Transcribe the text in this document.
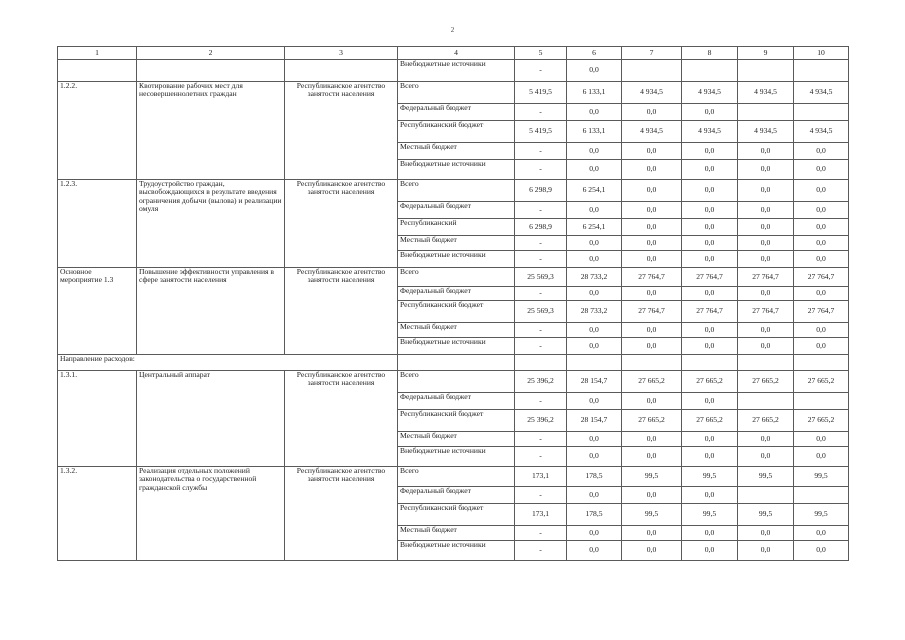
2
1	2	3	4	5	6	7	8	9	10
			Внебюджетные источники	-	0,0				
1.2.2.	Квотирование рабочих мест для несовершеннолетних граждан	Республиканское агентство занятости населения	Всего	5 419,5	6 133,1	4 934,5	4 934,5	4 934,5	4 934,5
			Федеральный бюджет	-	0,0	0,0	0,0		
			Республиканский бюджет	5 419,5	6 133,1	4 934,5	4 934,5	4 934,5	4 934,5
			Местный бюджет	-	0,0	0,0	0,0	0,0	0,0
			Внебюджетные источники	-	0,0	0,0	0,0	0,0	0,0
1.2.3.	Трудоустройство граждан, высвобождающихся в результате введения ограничения добычи (вылова) и реализации омуля	Республиканское агентство занятости населения	Всего	6 298,9	6 254,1	0,0	0,0	0,0	0,0
			Федеральный бюджет	-	0,0	0,0	0,0	0,0	0,0
			Республиканский	6 298,9	6 254,1	0,0	0,0	0,0	0,0
			Местный бюджет	-	0,0	0,0	0,0	0,0	0,0
			Внебюджетные источники	-	0,0	0,0	0,0	0,0	0,0
Основное мероприятие 1.3	Повышение эффективности управления в сфере занятости населения	Республиканское агентство занятости населения	Всего	25 569,3	28 733,2	27 764,7	27 764,7	27 764,7	27 764,7
			Федеральный бюджет	-	0,0	0,0	0,0	0,0	0,0
			Республиканский бюджет	25 569,3	28 733,2	27 764,7	27 764,7	27 764,7	27 764,7
			Местный бюджет	-	0,0	0,0	0,0	0,0	0,0
			Внебюджетные источники	-	0,0	0,0	0,0	0,0	0,0
Направление расходов:									
1.3.1.	Центральный аппарат	Республиканское агентство занятости населения	Всего	25 396,2	28 154,7	27 665,2	27 665,2	27 665,2	27 665,2
			Федеральный бюджет	-	0,0	0,0	0,0		
			Республиканский бюджет	25 396,2	28 154,7	27 665,2	27 665,2	27 665,2	27 665,2
			Местный бюджет	-	0,0	0,0	0,0	0,0	0,0
			Внебюджетные источники	-	0,0	0,0	0,0	0,0	0,0
1.3.2.	Реализация отдельных положений законодательства о государственной гражданской службы	Республиканское агентство занятости населения	Всего	173,1	178,5	99,5	99,5	99,5	99,5
			Федеральный бюджет	-	0,0	0,0	0,0		
			Республиканский бюджет	173,1	178,5	99,5	99,5	99,5	99,5
			Местный бюджет	-	0,0	0,0	0,0	0,0	0,0
			Внебюджетные источники	-	0,0	0,0	0,0	0,0	0,0
